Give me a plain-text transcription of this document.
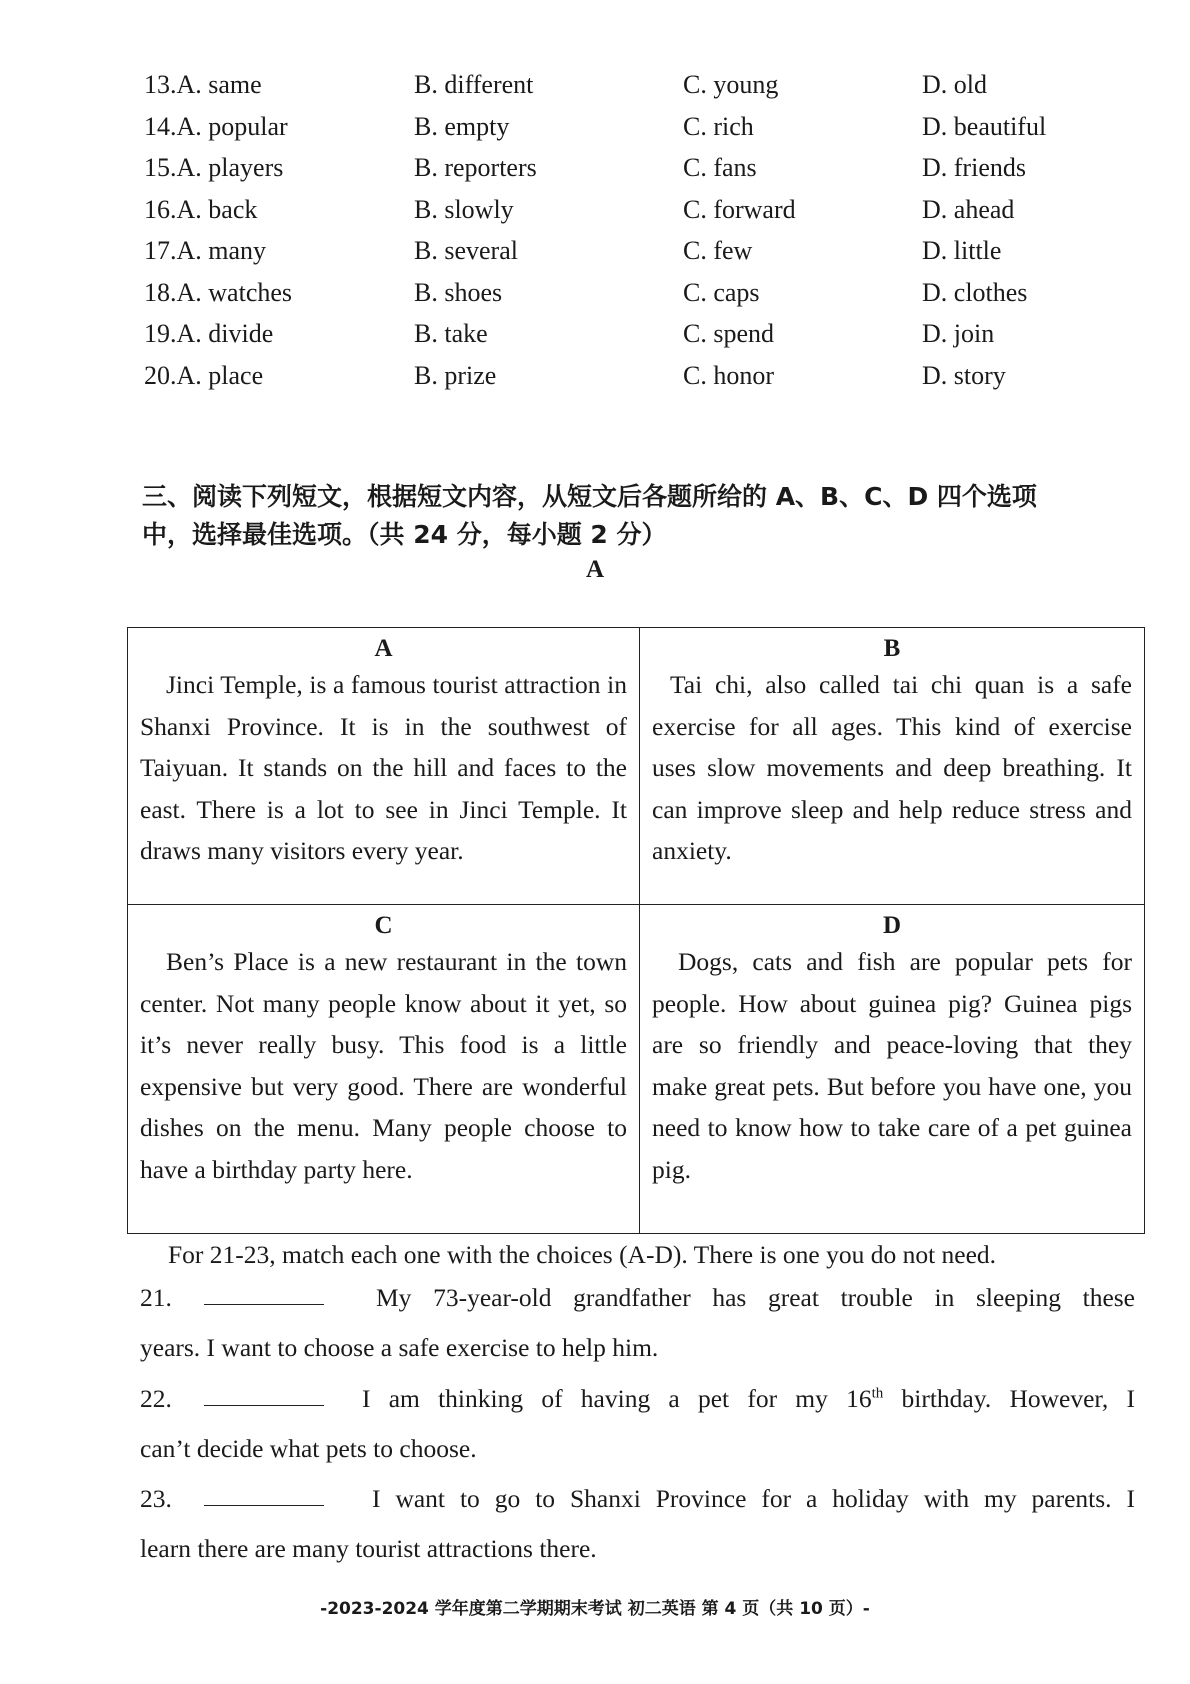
13.A. same	B. different	C. young	D. old
14.A. popular	B. empty	C. rich	D. beautiful
15.A. players	B. reporters	C. fans	D. friends
16.A. back	B. slowly	C. forward	D. ahead
17.A. many	B. several	C. few	D. little
18.A. watches	B. shoes	C. caps	D. clothes
19.A. divide	B. take	C. spend	D. join
20.A. place	B. prize	C. honor	D. story
三、阅读下列短文，根据短文内容，从短文后各题所给的 A、B、C、D 四个选项中，选择最佳选项。（共 24 分，每小题 2 分）
A
A
Jinci Temple, is a famous tourist attraction in Shanxi Province. It is in the southwest of Taiyuan. It stands on the hill and faces to the east. There is a lot to see in Jinci Temple. It draws many visitors every year.
B
Tai chi, also called tai chi quan is a safe exercise for all ages. This kind of exercise uses slow movements and deep breathing. It can improve sleep and help reduce stress and anxiety.
C
Ben’s Place is a new restaurant in the town center. Not many people know about it yet, so it’s never really busy. This food is a little expensive but very good. There are wonderful dishes on the menu. Many people choose to have a birthday party here.
D
Dogs, cats and fish are popular pets for people. How about guinea pig? Guinea pigs are so friendly and peace-loving that they make great pets. But before you have one, you need to know how to take care of a pet guinea pig.
For 21-23, match each one with the choices (A-D). There is one you do not need.
21.	My 73-year-old grandfather has great trouble in sleeping these
years. I want to choose a safe exercise to help him.
22.	I am thinking of having a pet for my 16th birthday. However, I
can’t decide what pets to choose.
23.	I want to go to Shanxi Province for a holiday with my parents. I
learn there are many tourist attractions there.
-2023-2024 学年度第二学期期末考试 初二英语 第 4 页（共 10 页）-
